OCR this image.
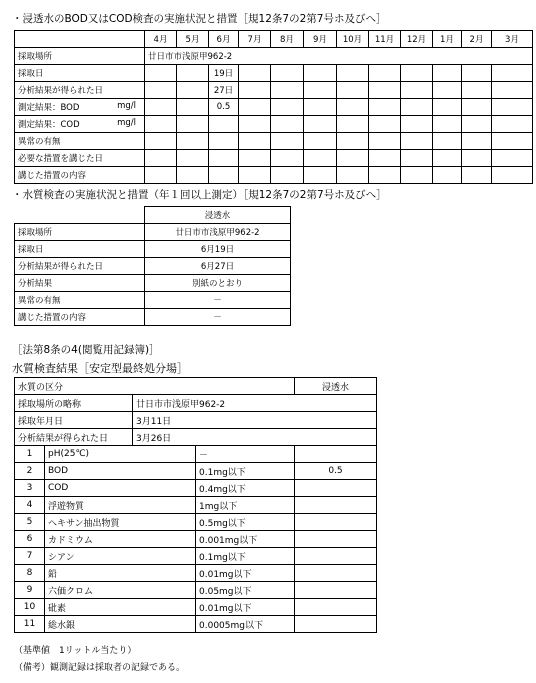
・浸透水のBOD又はCOD検査の実施状況と措置［規12条7の2第7号ホ及びへ］
	4月	5月	6月	7月	8月	9月	10月	11月	12月	1月	2月	3月
採取場所	廿日市市浅原甲962-2											
採取日			19日									
分析結果が得られた日			27日									
測定結果：BOD mg/l			0.5									
測定結果：COD mg/l												

異常の有無												
必要な措置を講じた日												
講じた措置の内容												
・水質検査の実施状況と措置（年１回以上測定）［規12条7の2第7号ホ及びへ］
	浸透水
採取場所	廿日市市浅原甲962-2
採取日	6月19日
分析結果が得られた日	6月27日
分析結果	別紙のとおり
異常の有無	－
講じた措置の内容	－
［法第8条の4(閲覧用記録簿)］
水質検査結果［安定型最終処分場］
水質の区分				浸透水
採取場所の略称		廿日市市浅原甲962-2		
採取年月日		3月11日		
分析結果が得られた日		3月26日		
1	pH(25℃)		－	
2	BOD		0.1mg以下	0.5
3	COD		0.4mg以下	
4	浮遊物質		1mg以下	
5	ヘキサン抽出物質		0.5mg以下	
6	カドミウム		0.001mg以下	
7	シアン		0.1mg以下	
8	鉛		0.01mg以下	
9	六価クロム		0.05mg以下	
10	砒素		0.01mg以下	
11	総水銀		0.0005mg以下	
（基準値　1リットル当たり）
（備考）観測記録は採取者の記録である。
